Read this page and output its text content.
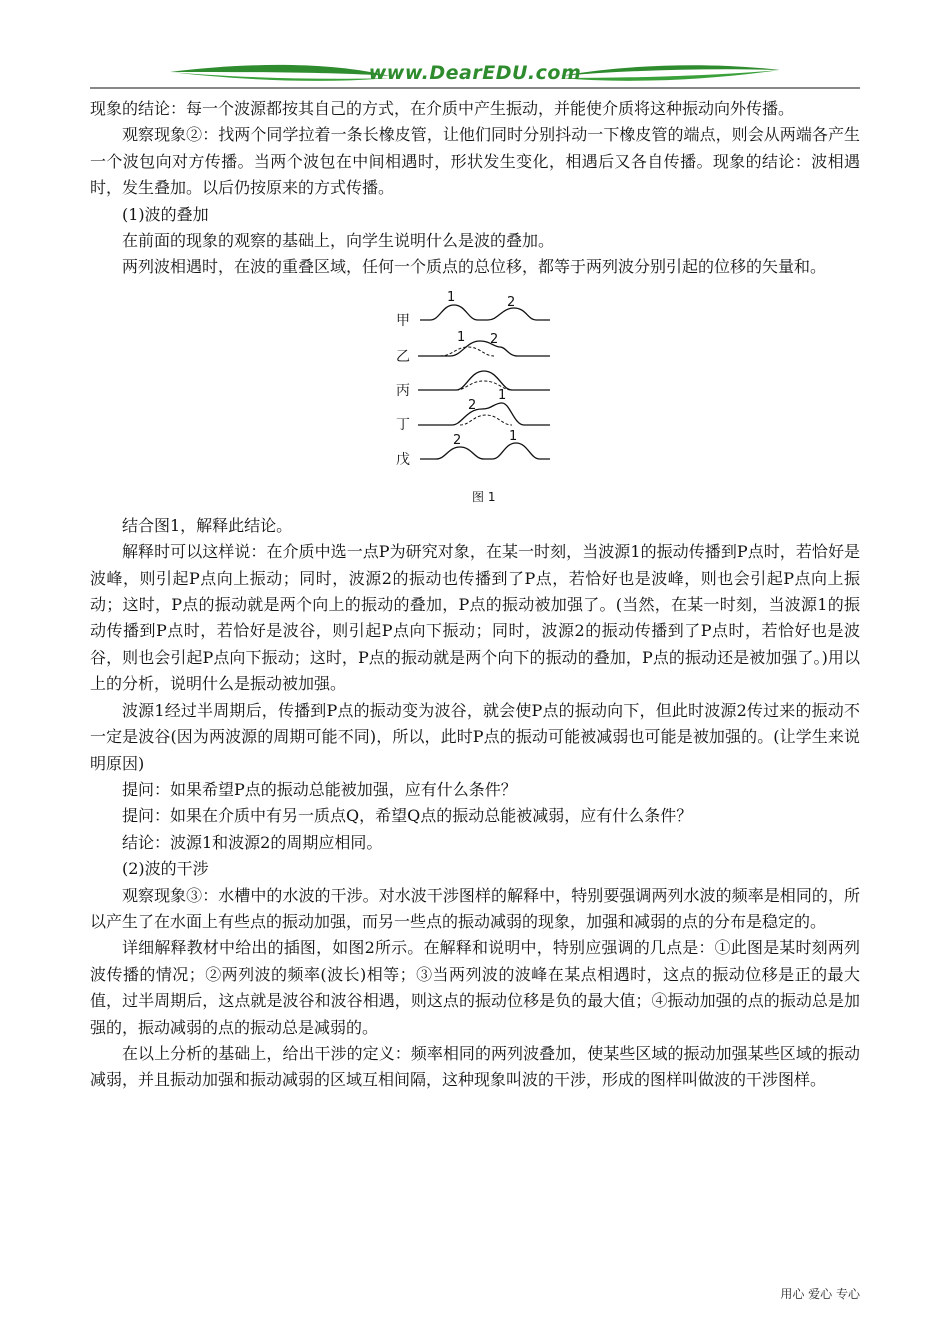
www.DearEDU.com

现象的结论：每一个波源都按其自己的方式，在介质中产生振动，并能使介质将这种振动向外传播。

观察现象②：找两个同学拉着一条长橡皮管，让他们同时分别抖动一下橡皮管的端点，则会从两端各产生一个波包向对方传播。当两个波包在中间相遇时，形状发生变化，相遇后又各自传播。现象的结论：波相遇时，发生叠加。以后仍按原来的方式传播。

(1)波的叠加

在前面的现象的观察的基础上，向学生说明什么是波的叠加。

两列波相遇时，在波的重叠区域，任何一个质点的总位移，都等于两列波分别引起的位移的矢量和。

甲
乙
丙
丁
戊
1	2
1 2
2
1
2	1
图 1

结合图1，解释此结论。

解释时可以这样说：在介质中选一点P为研究对象，在某一时刻，当波源1的振动传播到P点时，若恰好是波峰，则引起P点向上振动；同时，波源2的振动也传播到了P点，若恰好也是波峰，则也会引起P点向上振动；这时，P点的振动就是两个向上的振动的叠加，P点的振动被加强了。(当然，在某一时刻，当波源1的振动传播到P点时，若恰好是波谷，则引起P点向下振动；同时，波源2的振动传播到了P点时，若恰好也是波谷，则也会引起P点向下振动；这时，P点的振动就是两个向下的振动的叠加，P点的振动还是被加强了。)用以上的分析，说明什么是振动被加强。

波源1经过半周期后，传播到P点的振动变为波谷，就会使P点的振动向下，但此时波源2传过来的振动不一定是波谷(因为两波源的周期可能不同)，所以，此时P点的振动可能被减弱也可能是被加强的。(让学生来说明原因)

提问：如果希望P点的振动总能被加强，应有什么条件？

提问：如果在介质中有另一质点Q，希望Q点的振动总能被减弱，应有什么条件？

结论：波源1和波源2的周期应相同。

(2)波的干涉

观察现象③：水槽中的水波的干涉。对水波干涉图样的解释中，特别要强调两列水波的频率是相同的，所以产生了在水面上有些点的振动加强，而另一些点的振动减弱的现象，加强和减弱的点的分布是稳定的。

详细解释教材中给出的插图，如图2所示。在解释和说明中，特别应强调的几点是：①此图是某时刻两列波传播的情况；②两列波的频率(波长)相等；③当两列波的波峰在某点相遇时，这点的振动位移是正的最大值，过半周期后，这点就是波谷和波谷相遇，则这点的振动位移是负的最大值；④振动加强的点的振动总是加强的，振动减弱的点的振动总是减弱的。

在以上分析的基础上，给出干涉的定义：频率相同的两列波叠加，使某些区域的振动加强某些区域的振动减弱，并且振动加强和振动减弱的区域互相间隔，这种现象叫波的干涉，形成的图样叫做波的干涉图样。

用心 爱心 专心
